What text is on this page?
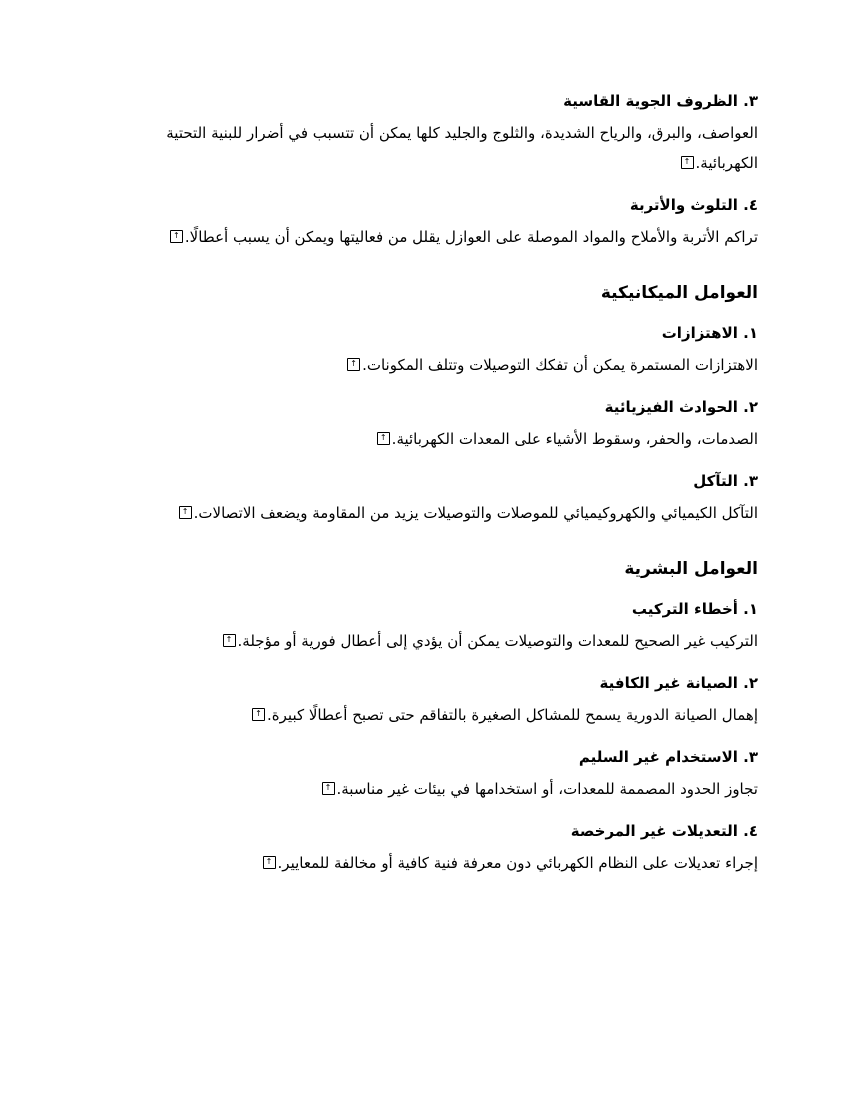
٣. الظروف الجوية القاسية

العواصف، والبرق، والرياح الشديدة، والثلوج والجليد كلها يمكن أن تتسبب في أضرار للبنية التحتية الكهربائية.↑

٤. التلوث والأتربة

تراكم الأتربة والأملاح والمواد الموصلة على العوازل يقلل من فعاليتها ويمكن أن يسبب أعطالًا.↑

العوامل الميكانيكية

١. الاهتزازات

الاهتزازات المستمرة يمكن أن تفكك التوصيلات وتتلف المكونات.↑

٢. الحوادث الفيزيائية

الصدمات، والحفر، وسقوط الأشياء على المعدات الكهربائية.↑

٣. التآكل

التآكل الكيميائي والكهروكيميائي للموصلات والتوصيلات يزيد من المقاومة ويضعف الاتصالات.↑

العوامل البشرية

١. أخطاء التركيب

التركيب غير الصحيح للمعدات والتوصيلات يمكن أن يؤدي إلى أعطال فورية أو مؤجلة.↑

٢. الصيانة غير الكافية

إهمال الصيانة الدورية يسمح للمشاكل الصغيرة بالتفاقم حتى تصبح أعطالًا كبيرة.↑

٣. الاستخدام غير السليم

تجاوز الحدود المصممة للمعدات، أو استخدامها في بيئات غير مناسبة.↑

٤. التعديلات غير المرخصة

إجراء تعديلات على النظام الكهربائي دون معرفة فنية كافية أو مخالفة للمعايير.↑
